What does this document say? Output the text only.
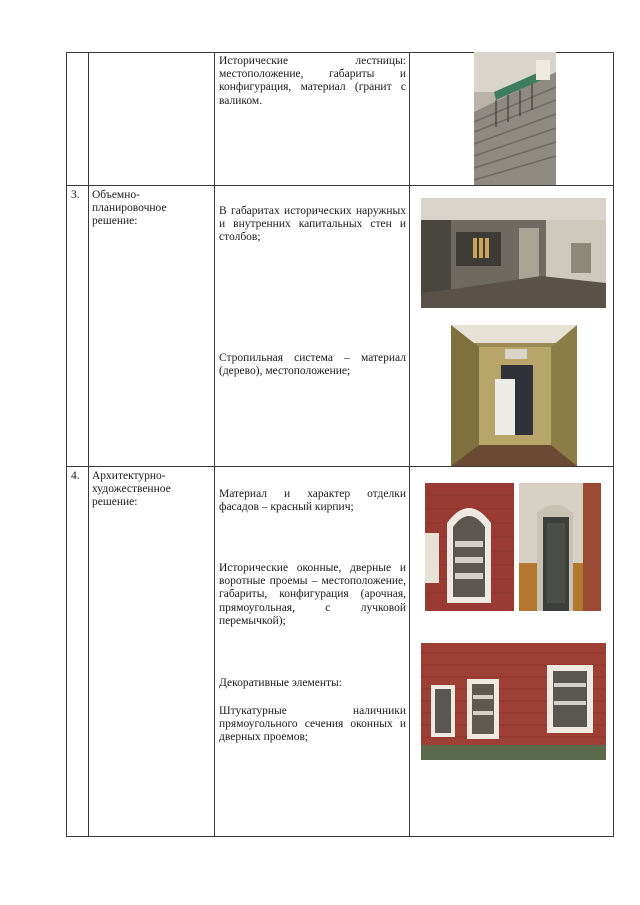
Исторические лестницы: местоположение, габариты и конфигурация, материал (гранит с валиком.
3. Объемно-планировочное решение:
В габаритах исторических наружных и внутренних капитальных стен и столбов;
Стропильная система – материал (дерево), местоположение;
4. Архитектурно-художественное решение:
Материал и характер отделки фасадов – красный кирпич;
Исторические оконные, дверные и воротные проемы – местоположение, габариты, конфигурация (арочная, прямоугольная, с лучковой перемычкой);
Декоративные элементы:
Штукатурные наличники прямоугольного сечения оконных и дверных проемов;
